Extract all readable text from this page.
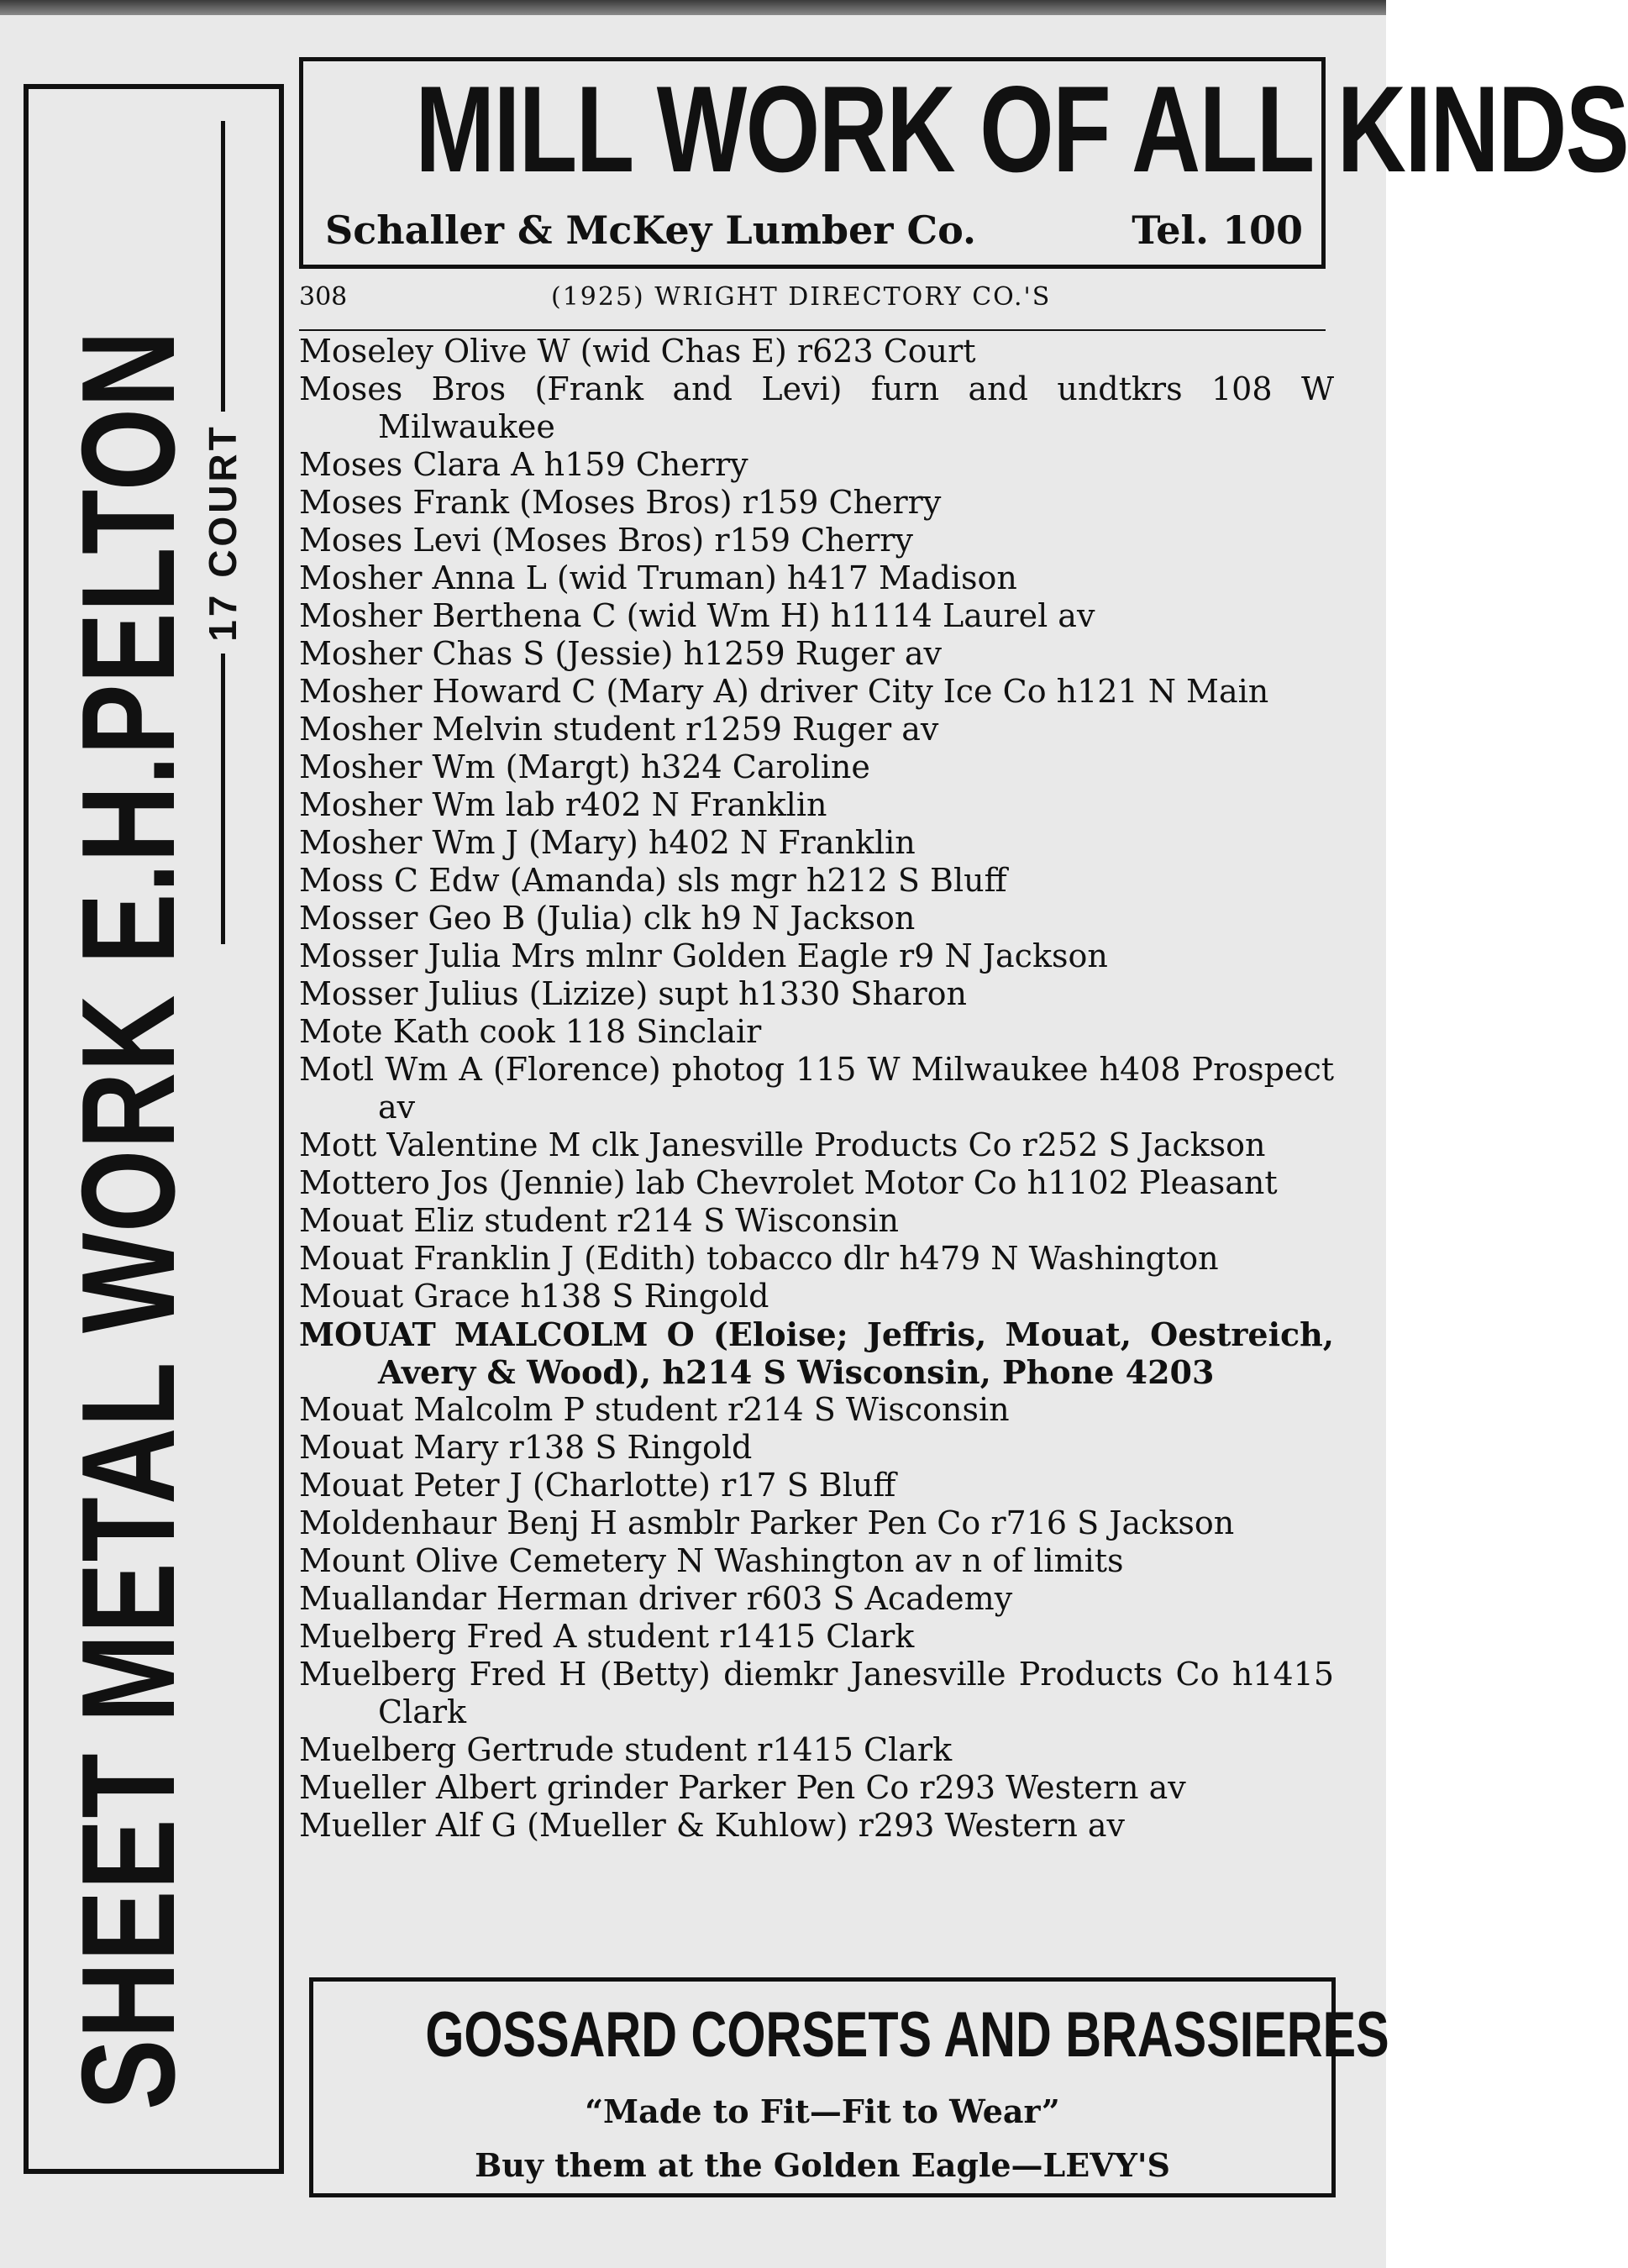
SHEET METAL WORK E.H.PELTON
17 COURT
MILL WORK OF ALL KINDS
Schaller & McKey Lumber Co.	Tel. 100
308	(1925) WRIGHT DIRECTORY CO.'S
Moseley Olive W (wid Chas E) r623 Court
Moses Bros (Frank and Levi) furn and undtkrs 108 W Milwaukee
Moses Clara A h159 Cherry
Moses Frank (Moses Bros) r159 Cherry
Moses Levi (Moses Bros) r159 Cherry
Mosher Anna L (wid Truman) h417 Madison
Mosher Berthena C (wid Wm H) h1114 Laurel av
Mosher Chas S (Jessie) h1259 Ruger av
Mosher Howard C (Mary A) driver City Ice Co h121 N Main
Mosher Melvin student r1259 Ruger av
Mosher Wm (Margt) h324 Caroline
Mosher Wm lab r402 N Franklin
Mosher Wm J (Mary) h402 N Franklin
Moss C Edw (Amanda) sls mgr h212 S Bluff
Mosser Geo B (Julia) clk h9 N Jackson
Mosser Julia Mrs mlnr Golden Eagle r9 N Jackson
Mosser Julius (Lizize) supt h1330 Sharon
Mote Kath cook 118 Sinclair
Motl Wm A (Florence) photog 115 W Milwaukee h408 Prospect av
Mott Valentine M clk Janesville Products Co r252 S Jackson
Mottero Jos (Jennie) lab Chevrolet Motor Co h1102 Pleasant
Mouat Eliz student r214 S Wisconsin
Mouat Franklin J (Edith) tobacco dlr h479 N Washington
Mouat Grace h138 S Ringold
MOUAT MALCOLM O (Eloise; Jeffris, Mouat, Oestreich, Avery & Wood), h214 S Wisconsin, Phone 4203
Mouat Malcolm P student r214 S Wisconsin
Mouat Mary r138 S Ringold
Mouat Peter J (Charlotte) r17 S Bluff
Moldenhaur Benj H asmblr Parker Pen Co r716 S Jackson
Mount Olive Cemetery N Washington av n of limits
Muallandar Herman driver r603 S Academy
Muelberg Fred A student r1415 Clark
Muelberg Fred H (Betty) diemkr Janesville Products Co h1415 Clark
Muelberg Gertrude student r1415 Clark
Mueller Albert grinder Parker Pen Co r293 Western av
Mueller Alf G (Mueller & Kuhlow) r293 Western av
GOSSARD CORSETS AND BRASSIERES
“Made to Fit—Fit to Wear”
Buy them at the Golden Eagle—LEVY'S
